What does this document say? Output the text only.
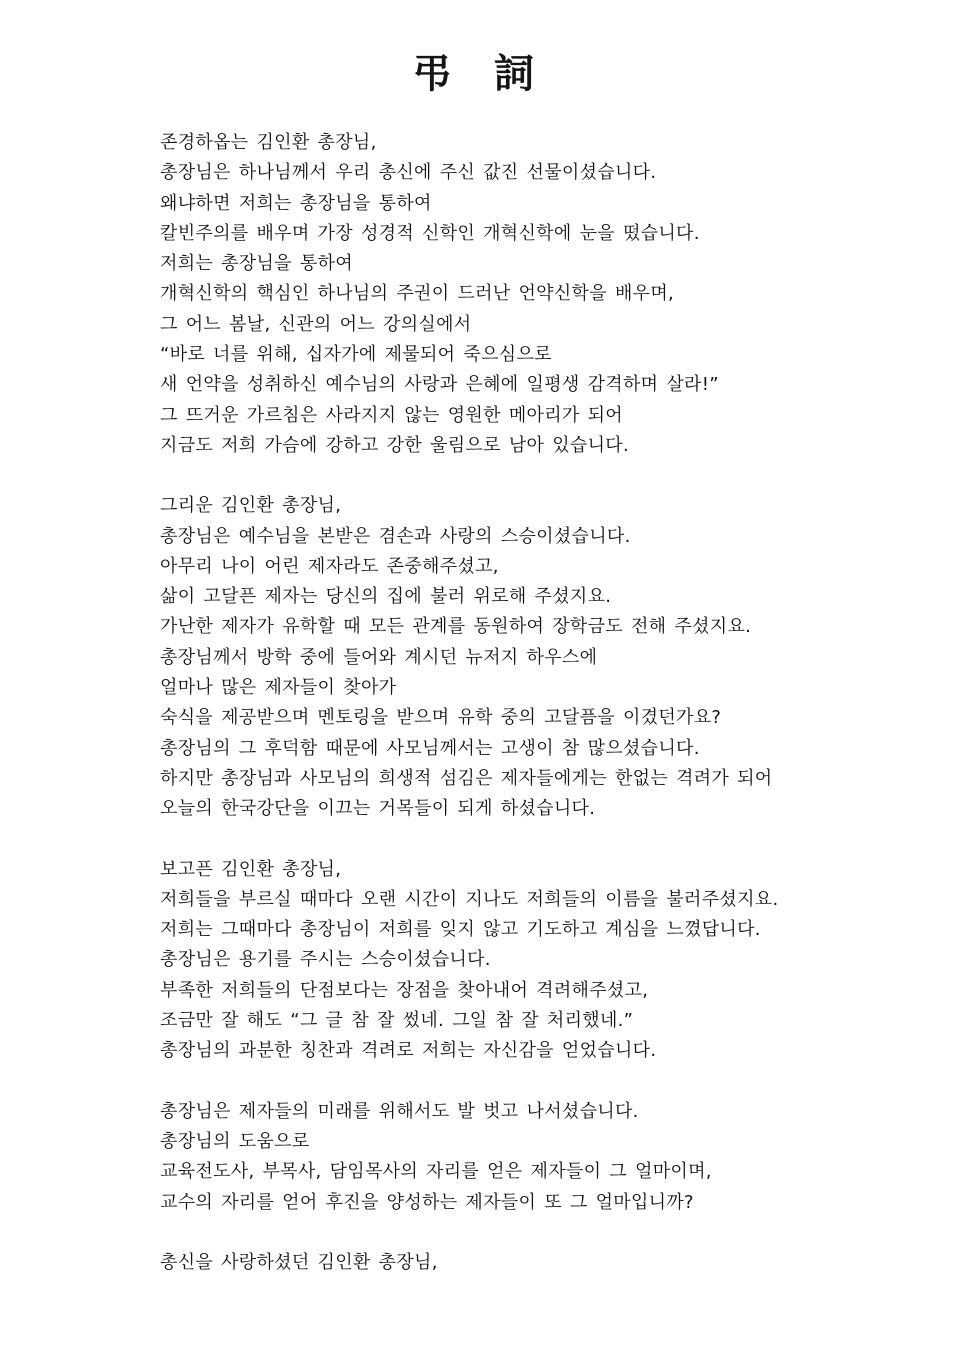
弔 詞
존경하옵는 김인환 총장님,
총장님은 하나님께서 우리 총신에 주신 값진 선물이셨습니다.
왜냐하면 저희는 총장님을 통하여
칼빈주의를 배우며 가장 성경적 신학인 개혁신학에 눈을 떴습니다.
저희는 총장님을 통하여
개혁신학의 핵심인 하나님의 주권이 드러난 언약신학을 배우며,
그 어느 봄날, 신관의 어느 강의실에서
“바로 너를 위해, 십자가에 제물되어 죽으심으로
새 언약을 성취하신 예수님의 사랑과 은혜에 일평생 감격하며 살라!”
그 뜨거운 가르침은 사라지지 않는 영원한 메아리가 되어
지금도 저희 가슴에 강하고 강한 울림으로 남아 있습니다.
그리운 김인환 총장님,
총장님은 예수님을 본받은 겸손과 사랑의 스승이셨습니다.
아무리 나이 어린 제자라도 존중해주셨고,
삶이 고달픈 제자는 당신의 집에 불러 위로해 주셨지요.
가난한 제자가 유학할 때 모든 관계를 동원하여 장학금도 전해 주셨지요.
총장님께서 방학 중에 들어와 계시던 뉴저지 하우스에
얼마나 많은 제자들이 찾아가
숙식을 제공받으며 멘토링을 받으며 유학 중의 고달픔을 이겼던가요?
총장님의 그 후덕함 때문에 사모님께서는 고생이 참 많으셨습니다.
하지만 총장님과 사모님의 희생적 섬김은 제자들에게는 한없는 격려가 되어
오늘의 한국강단을 이끄는 거목들이 되게 하셨습니다.
보고픈 김인환 총장님,
저희들을 부르실 때마다 오랜 시간이 지나도 저희들의 이름을 불러주셨지요.
저희는 그때마다 총장님이 저희를 잊지 않고 기도하고 계심을 느꼈답니다.
총장님은 용기를 주시는 스승이셨습니다.
부족한 저희들의 단점보다는 장점을 찾아내어 격려해주셨고,
조금만 잘 해도 “그 글 참 잘 썼네. 그일 참 잘 처리했네.”
총장님의 과분한 칭찬과 격려로 저희는 자신감을 얻었습니다.
총장님은 제자들의 미래를 위해서도 발 벗고 나서셨습니다.
총장님의 도움으로
교육전도사, 부목사, 담임목사의 자리를 얻은 제자들이 그 얼마이며,
교수의 자리를 얻어 후진을 양성하는 제자들이 또 그 얼마입니까?
총신을 사랑하셨던 김인환 총장님,
